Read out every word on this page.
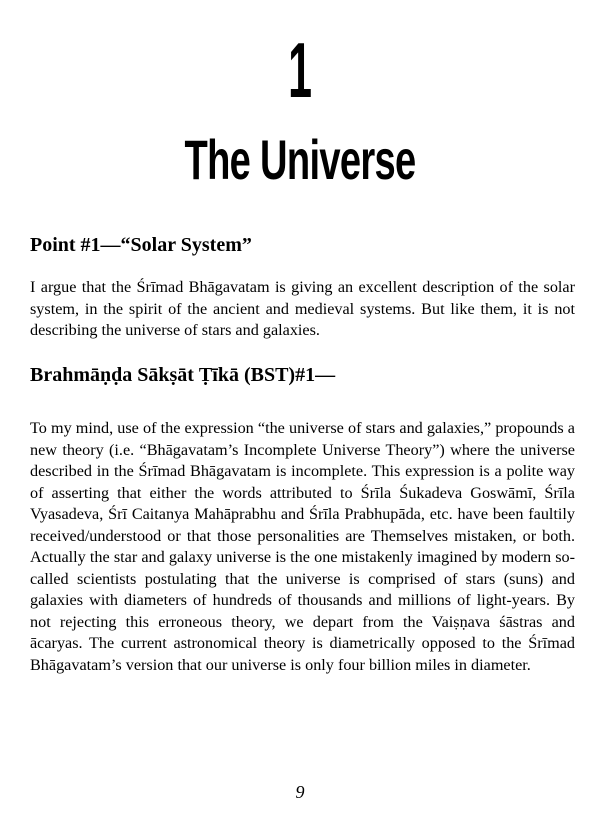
1
The Universe
Point #1—“Solar System”

I argue that the Śrīmad Bhāgavatam is giving an excellent description of the solar system, in the spirit of the ancient and medieval systems. But like them, it is not describing the universe of stars and galaxies.

Brahmāṇḍa Sākṣāt Ṭīkā (BST)#1—

To my mind, use of the expression “the universe of stars and galaxies,” propounds a new theory (i.e. “Bhāgavatam’s Incomplete Universe Theory”) where the universe described in the Śrīmad Bhāgavatam is incomplete. This expression is a polite way of asserting that either the words attributed to Śrīla Śukadeva Goswāmī, Śrīla Vyasadeva, Śrī Caitanya Mahāprabhu and Śrīla Prabhupāda, etc. have been faultily received/understood or that those personalities are Themselves mistaken, or both. Actually the star and galaxy universe is the one mistakenly imagined by modern so-called scientists postulating that the universe is comprised of stars (suns) and galaxies with diameters of hundreds of thousands and millions of light-years. By not rejecting this erroneous theory, we depart from the Vaiṣṇava śāstras and ācaryas. The current astronomical theory is diametrically opposed to the Śrīmad Bhāgavatam’s version that our universe is only four billion miles in diameter.

9
